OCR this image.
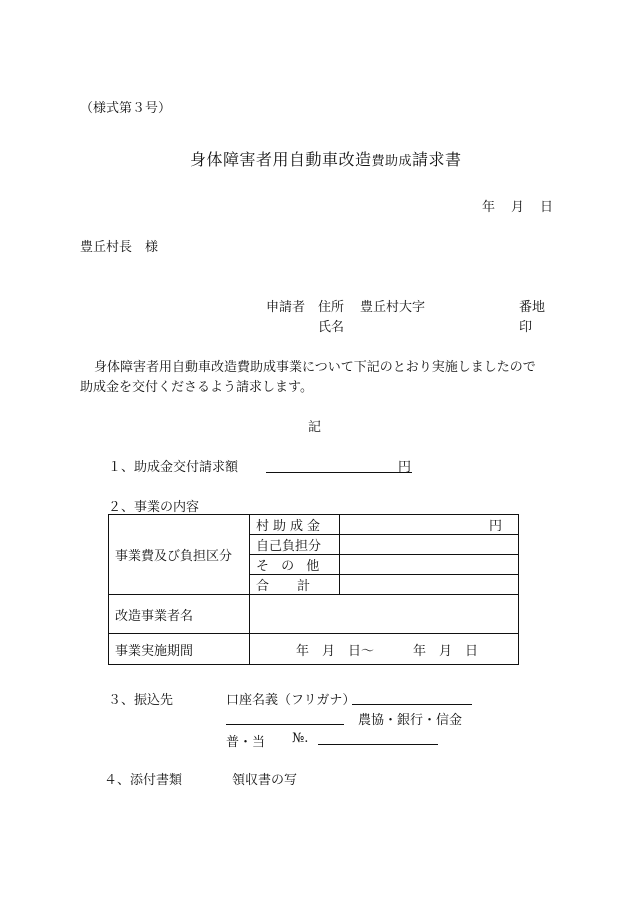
（様式第３号）
身体障害者用自動車改造費助成請求書
年 月 日
豊丘村長　様
申請者 住所 豊丘村大字	番地
氏名	印
身体障害者用自動車改造費助成事業について下記のとおり実施しましたので
助成金を交付くださるよう請求します。
記
１、助成金交付請求額	円
２、事業の内容
事業費及び負担区分	村助成金	円
	自己負担分	
	そ の 他	
	合 計	
改造事業者名		
事業実施期間	年　月　日～　　　年　月　日	
３、振込先	口座名義（フリガナ）
農協・銀行・信金
普・当 №.
４、添付書類	領収書の写
